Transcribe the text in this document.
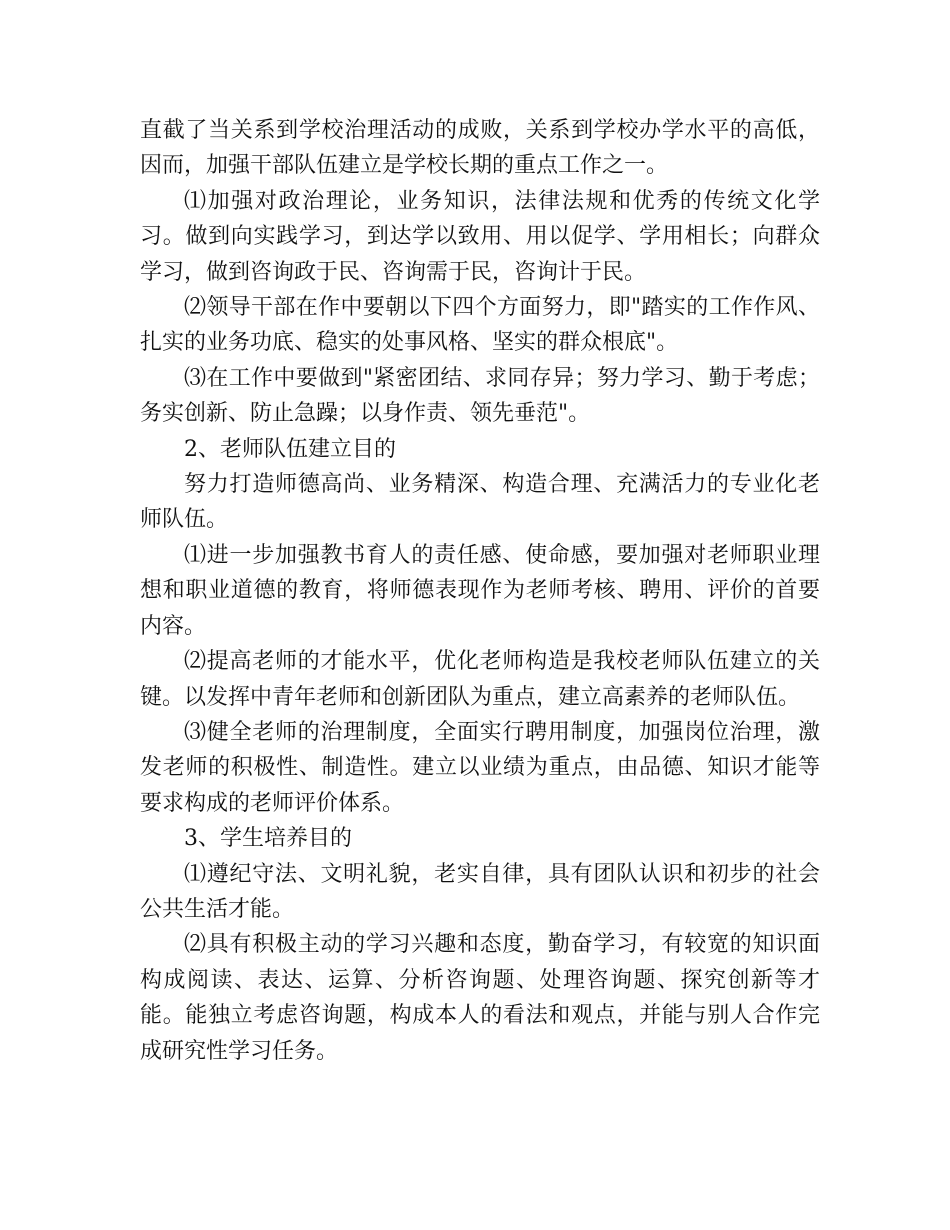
直截了当关系到学校治理活动的成败，关系到学校办学水平的高低，因而，加强干部队伍建立是学校长期的重点工作之一。

⑴加强对政治理论，业务知识，法律法规和优秀的传统文化学习。做到向实践学习，到达学以致用、用以促学、学用相长；向群众学习，做到咨询政于民、咨询需于民，咨询计于民。

⑵领导干部在作中要朝以下四个方面努力，即"踏实的工作作风、扎实的业务功底、稳实的处事风格、坚实的群众根底"。

⑶在工作中要做到"紧密团结、求同存异；努力学习、勤于考虑；务实创新、防止急躁；以身作责、领先垂范"。

2、老师队伍建立目的

努力打造师德高尚、业务精深、构造合理、充满活力的专业化老师队伍。

⑴进一步加强教书育人的责任感、使命感，要加强对老师职业理想和职业道德的教育，将师德表现作为老师考核、聘用、评价的首要内容。

⑵提高老师的才能水平，优化老师构造是我校老师队伍建立的关键。以发挥中青年老师和创新团队为重点，建立高素养的老师队伍。

⑶健全老师的治理制度，全面实行聘用制度，加强岗位治理，激发老师的积极性、制造性。建立以业绩为重点，由品德、知识才能等要求构成的老师评价体系。

3、学生培养目的

⑴遵纪守法、文明礼貌，老实自律，具有团队认识和初步的社会公共生活才能。

⑵具有积极主动的学习兴趣和态度，勤奋学习，有较宽的知识面构成阅读、表达、运算、分析咨询题、处理咨询题、探究创新等才能。能独立考虑咨询题，构成本人的看法和观点，并能与别人合作完成研究性学习任务。
